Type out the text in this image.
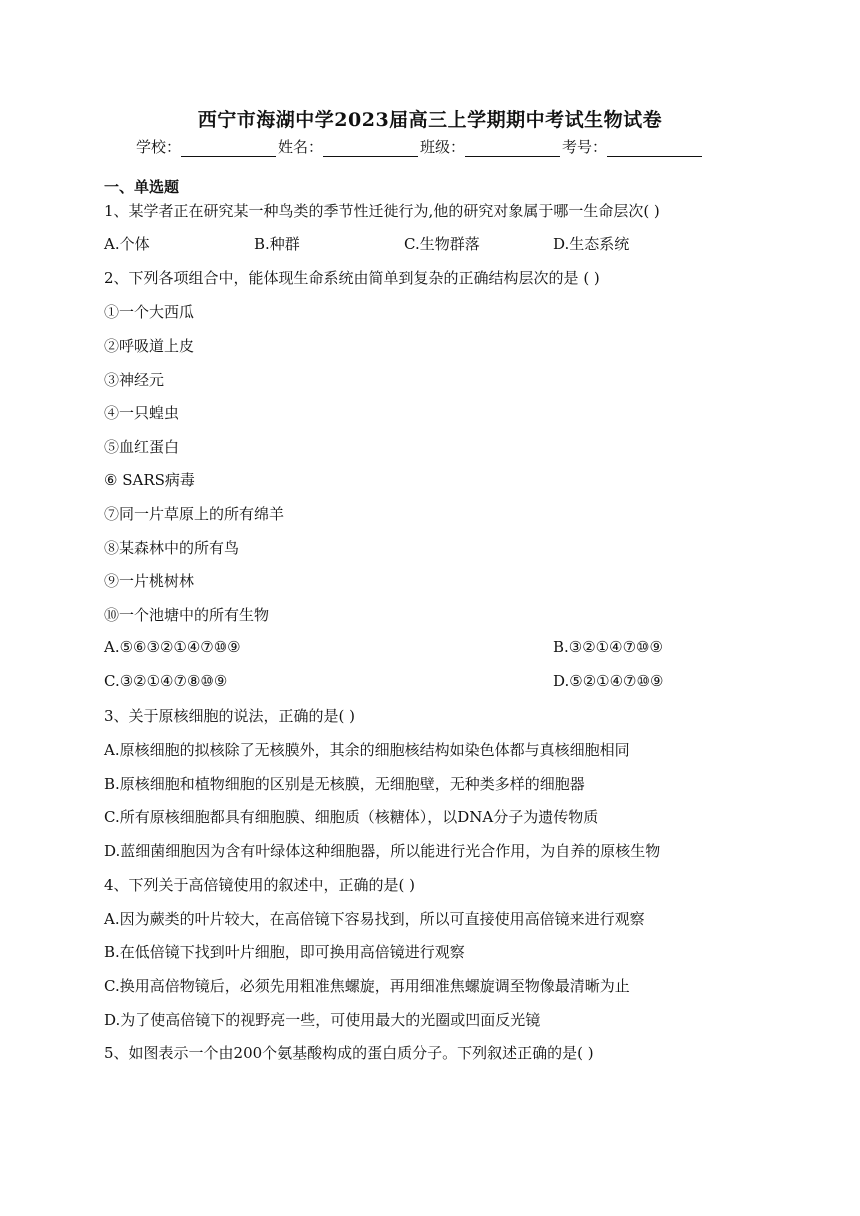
西宁市海湖中学2023届高三上学期期中考试生物试卷
学校：	姓名：	班级：	考号：
一、单选题
1、某学者正在研究某一种鸟类的季节性迁徙行为,他的研究对象属于哪一生命层次( )
A.个体	B.种群	C.生物群落	D.生态系统
2、下列各项组合中，能体现生命系统由简单到复杂的正确结构层次的是 ( )
①一个大西瓜
②呼吸道上皮
③神经元
④一只蝗虫
⑤血红蛋白
⑥ SARS病毒
⑦同一片草原上的所有绵羊
⑧某森林中的所有鸟
⑨一片桃树林
⑩一个池塘中的所有生物
A.⑤⑥③②①④⑦⑩⑨	B.③②①④⑦⑩⑨
C.③②①④⑦⑧⑩⑨	D.⑤②①④⑦⑩⑨
3、关于原核细胞的说法，正确的是( )
A.原核细胞的拟核除了无核膜外，其余的细胞核结构如染色体都与真核细胞相同
B.原核细胞和植物细胞的区别是无核膜，无细胞壁，无种类多样的细胞器
C.所有原核细胞都具有细胞膜、细胞质（核糖体），以DNA分子为遗传物质
D.蓝细菌细胞因为含有叶绿体这种细胞器，所以能进行光合作用，为自养的原核生物
4、下列关于高倍镜使用的叙述中，正确的是( )
A.因为蕨类的叶片较大，在高倍镜下容易找到，所以可直接使用高倍镜来进行观察
B.在低倍镜下找到叶片细胞，即可换用高倍镜进行观察
C.换用高倍物镜后，必须先用粗准焦螺旋，再用细准焦螺旋调至物像最清晰为止
D.为了使高倍镜下的视野亮一些，可使用最大的光圈或凹面反光镜
5、如图表示一个由200个氨基酸构成的蛋白质分子。下列叙述正确的是( )
